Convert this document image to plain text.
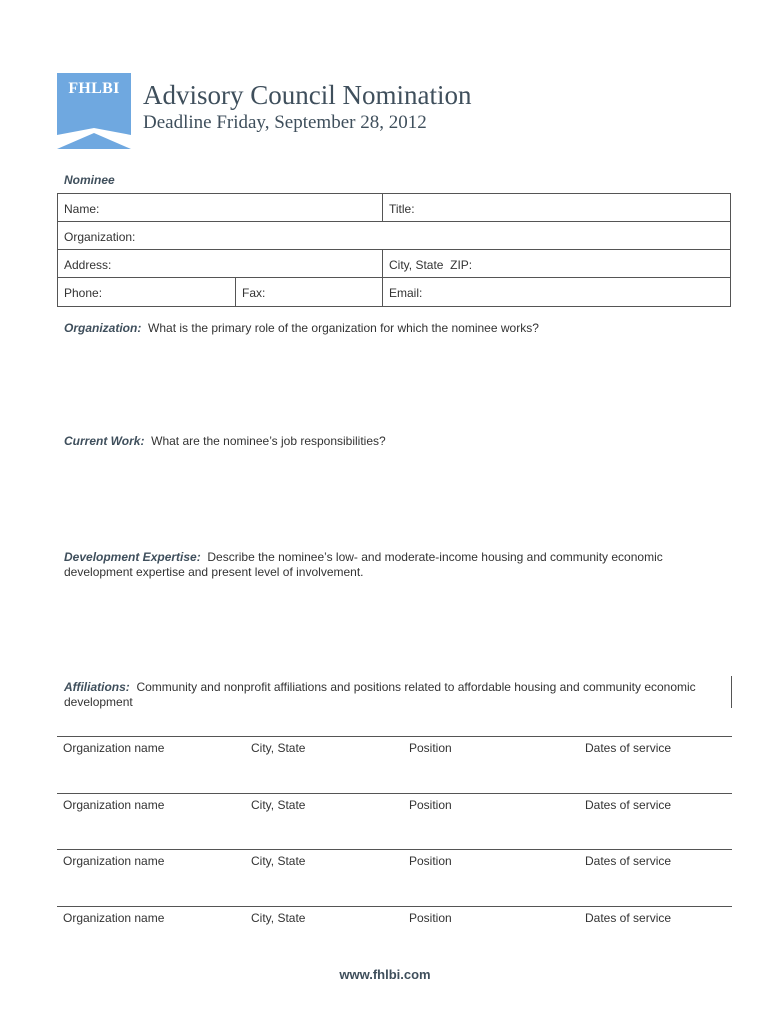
FHLBI Advisory Council Nomination
Deadline Friday, September 28, 2012
Nominee
Name:	Title:
Organization:
Address:	City, State  ZIP:
Phone:	Fax:	Email:
Organization: What is the primary role of the organization for which the nominee works?
Current Work: What are the nominee’s job responsibilities?
Development Expertise: Describe the nominee’s low- and moderate-income housing and community economic development expertise and present level of involvement.
Affiliations: Community and nonprofit affiliations and positions related to affordable housing and community economic development
Organization name	City, State	Position	Dates of service
Organization name	City, State	Position	Dates of service
Organization name	City, State	Position	Dates of service
Organization name	City, State	Position	Dates of service
www.fhlbi.com
